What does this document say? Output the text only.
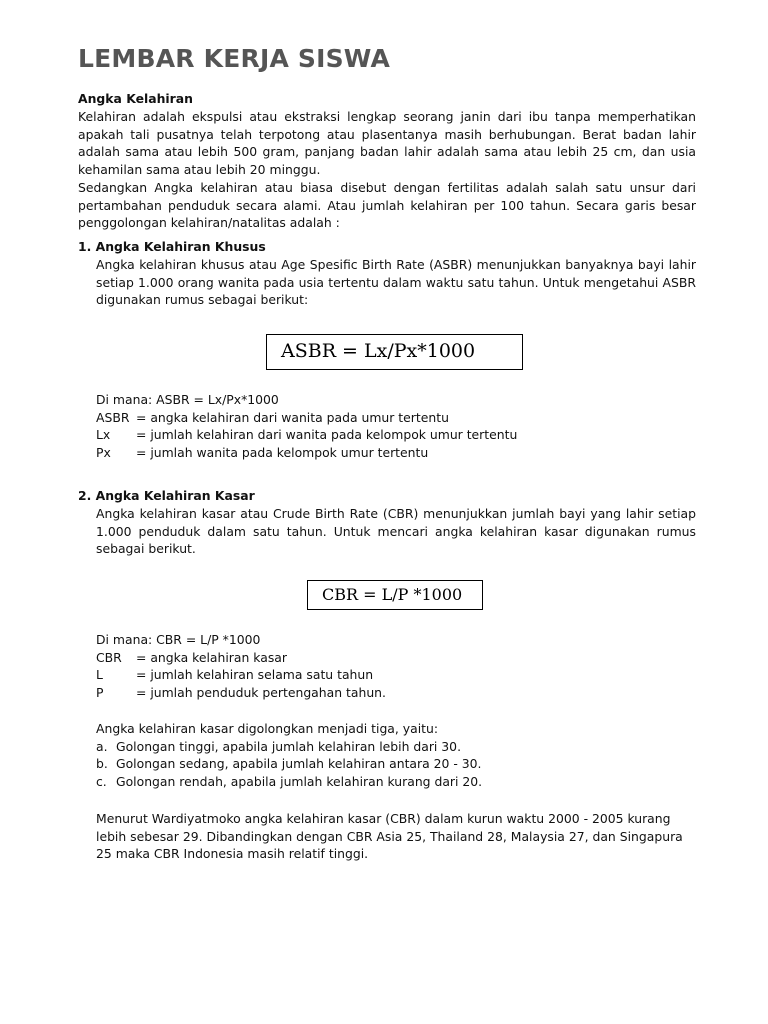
LEMBAR KERJA SISWA
Angka Kelahiran
Kelahiran adalah ekspulsi atau ekstraksi lengkap seorang janin dari ibu tanpa memperhatikan
apakah tali pusatnya telah terpotong atau plasentanya masih berhubungan. Berat badan lahir
adalah sama atau lebih 500 gram, panjang badan lahir adalah sama atau lebih 25 cm, dan usia
kehamilan sama atau lebih 20 minggu.
Sedangkan Angka kelahiran atau biasa disebut dengan fertilitas adalah salah satu unsur dari
pertambahan penduduk secara alami. Atau jumlah kelahiran per 100 tahun. Secara garis besar
penggolongan kelahiran/natalitas adalah :
1. Angka Kelahiran Khusus
Angka kelahiran khusus atau Age Spesific Birth Rate (ASBR) menunjukkan banyaknya bayi lahir
setiap 1.000 orang wanita pada usia tertentu dalam waktu satu tahun. Untuk mengetahui ASBR
digunakan rumus sebagai berikut:
ASBR = Lx/Px*1000
Di mana: ASBR = Lx/Px*1000
ASBR = angka kelahiran dari wanita pada umur tertentu
Lx	= jumlah kelahiran dari wanita pada kelompok umur tertentu
Px	= jumlah wanita pada kelompok umur tertentu
2. Angka Kelahiran Kasar
Angka kelahiran kasar atau Crude Birth Rate (CBR) menunjukkan jumlah bayi yang lahir setiap
1.000 penduduk dalam satu tahun. Untuk mencari angka kelahiran kasar digunakan rumus
sebagai berikut.
CBR = L/P *1000
Di mana: CBR = L/P *1000
CBR	= angka kelahiran kasar
L	= jumlah kelahiran selama satu tahun
P	= jumlah penduduk pertengahan tahun.
Angka kelahiran kasar digolongkan menjadi tiga, yaitu:
a. Golongan tinggi, apabila jumlah kelahiran lebih dari 30.
b. Golongan sedang, apabila jumlah kelahiran antara 20 - 30.
c. Golongan rendah, apabila jumlah kelahiran kurang dari 20.
Menurut Wardiyatmoko angka kelahiran kasar (CBR) dalam kurun waktu 2000 - 2005 kurang
lebih sebesar 29. Dibandingkan dengan CBR Asia 25, Thailand 28, Malaysia 27, dan Singapura
25 maka CBR Indonesia masih relatif tinggi.
